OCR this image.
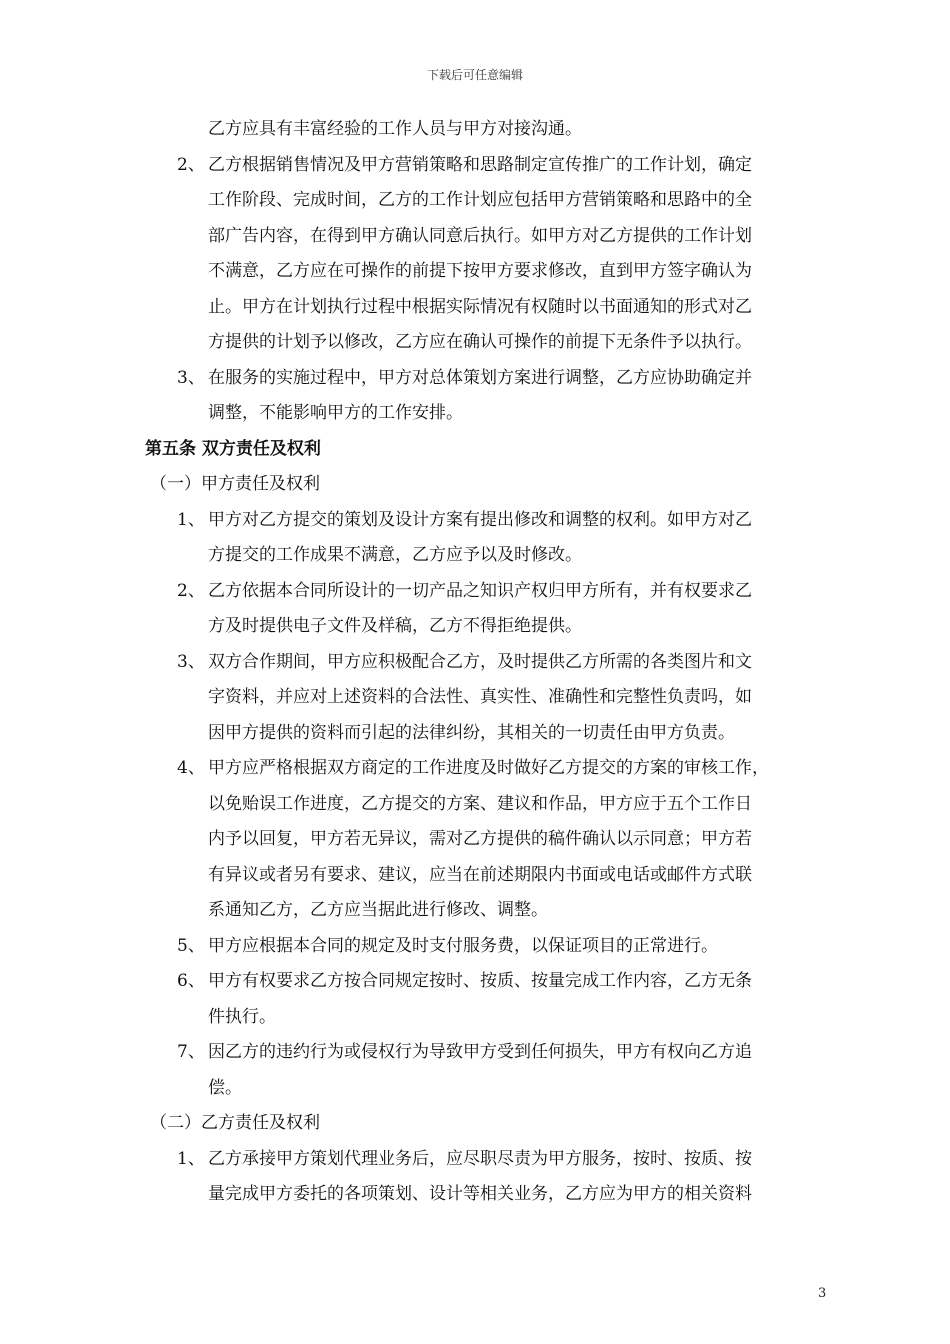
下载后可任意编辑
乙方应具有丰富经验的工作人员与甲方对接沟通。
2、 乙方根据销售情况及甲方营销策略和思路制定宣传推广的工作计划，确定
工作阶段、完成时间，乙方的工作计划应包括甲方营销策略和思路中的全
部广告内容，在得到甲方确认同意后执行。如甲方对乙方提供的工作计划
不满意，乙方应在可操作的前提下按甲方要求修改，直到甲方签字确认为
止。甲方在计划执行过程中根据实际情况有权随时以书面通知的形式对乙
方提供的计划予以修改，乙方应在确认可操作的前提下无条件予以执行。
3、 在服务的实施过程中，甲方对总体策划方案进行调整，乙方应协助确定并
调整，不能影响甲方的工作安排。
第五条 双方责任及权利
（一）甲方责任及权利
1、 甲方对乙方提交的策划及设计方案有提出修改和调整的权利。如甲方对乙
方提交的工作成果不满意，乙方应予以及时修改。
2、 乙方依据本合同所设计的一切产品之知识产权归甲方所有，并有权要求乙
方及时提供电子文件及样稿，乙方不得拒绝提供。
3、 双方合作期间，甲方应积极配合乙方，及时提供乙方所需的各类图片和文
字资料，并应对上述资料的合法性、真实性、准确性和完整性负责吗，如
因甲方提供的资料而引起的法律纠纷，其相关的一切责任由甲方负责。
4、 甲方应严格根据双方商定的工作进度及时做好乙方提交的方案的审核工作，
以免贻误工作进度，乙方提交的方案、建议和作品，甲方应于五个工作日
内予以回复，甲方若无异议，需对乙方提供的稿件确认以示同意；甲方若
有异议或者另有要求、建议，应当在前述期限内书面或电话或邮件方式联
系通知乙方，乙方应当据此进行修改、调整。
5、 甲方应根据本合同的规定及时支付服务费，以保证项目的正常进行。
6、 甲方有权要求乙方按合同规定按时、按质、按量完成工作内容，乙方无条
件执行。
7、 因乙方的违约行为或侵权行为导致甲方受到任何损失，甲方有权向乙方追
偿。
（二）乙方责任及权利
1、 乙方承接甲方策划代理业务后，应尽职尽责为甲方服务，按时、按质、按
量完成甲方委托的各项策划、设计等相关业务，乙方应为甲方的相关资料
3
